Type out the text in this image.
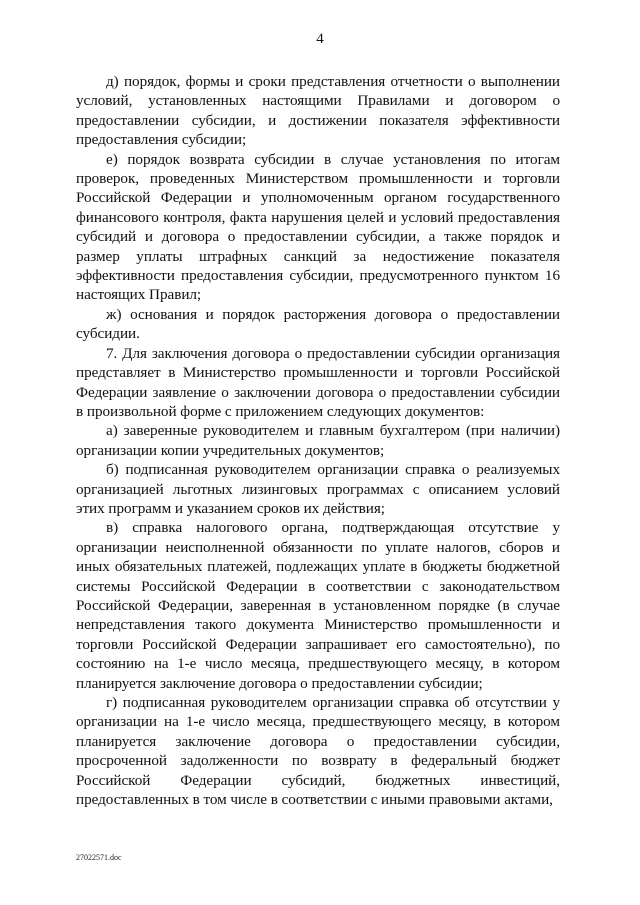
4

д) порядок, формы и сроки представления отчетности о выполнении условий, установленных настоящими Правилами и договором о предоставлении субсидии, и достижении показателя эффективности предоставления субсидии;

е) порядок возврата субсидии в случае установления по итогам проверок, проведенных Министерством промышленности и торговли Российской Федерации и уполномоченным органом государственного финансового контроля, факта нарушения целей и условий предоставления субсидий и договора о предоставлении субсидии, а также порядок и размер уплаты штрафных санкций за недостижение показателя эффективности предоставления субсидии, предусмотренного пунктом 16 настоящих Правил;

ж) основания и порядок расторжения договора о предоставлении субсидии.

7. Для заключения договора о предоставлении субсидии организация представляет в Министерство промышленности и торговли Российской Федерации заявление о заключении договора о предоставлении субсидии в произвольной форме с приложением следующих документов:

а) заверенные руководителем и главным бухгалтером (при наличии) организации копии учредительных документов;

б) подписанная руководителем организации справка о реализуемых организацией льготных лизинговых программах с описанием условий этих программ и указанием сроков их действия;

в) справка налогового органа, подтверждающая отсутствие у организации неисполненной обязанности по уплате налогов, сборов и иных обязательных платежей, подлежащих уплате в бюджеты бюджетной системы Российской Федерации в соответствии с законодательством Российской Федерации, заверенная в установленном порядке (в случае непредставления такого документа Министерство промышленности и торговли Российской Федерации запрашивает его самостоятельно), по состоянию на 1-е число месяца, предшествующего месяцу, в котором планируется заключение договора о предоставлении субсидии;

г) подписанная руководителем организации справка об отсутствии у организации на 1-е число месяца, предшествующего месяцу, в котором планируется заключение договора о предоставлении субсидии, просроченной задолженности по возврату в федеральный бюджет Российской Федерации субсидий, бюджетных инвестиций, предоставленных в том числе в соответствии с иными правовыми актами,

27022571.doc
